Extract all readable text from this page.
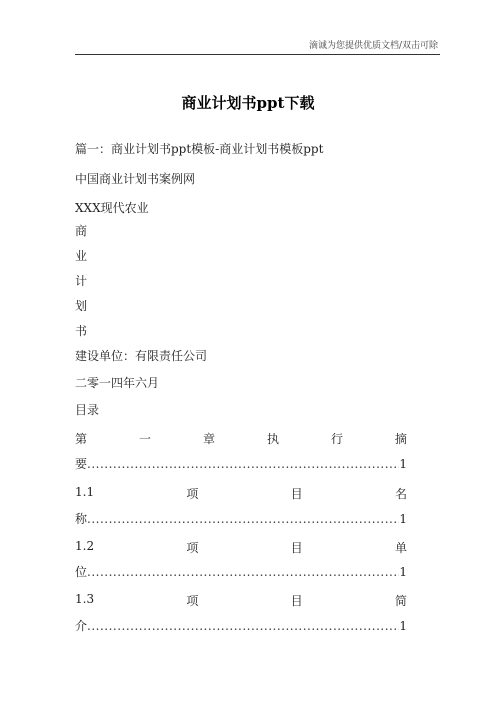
滴诚为您提供优质文档/双击可除
商业计划书ppt下载
篇一：商业计划书ppt模板-商业计划书模板ppt
中国商业计划书案例网
XXX现代农业
商
业
计
划
书
建设单位：有限责任公司
二零一四年六月
目录
第	一	章	执	行	摘
要 .....	1
1.1	项	目	名
称 .....	1
1.2	项	目	单
位 .....	1
1.3	项	目	简
介 .....	1
